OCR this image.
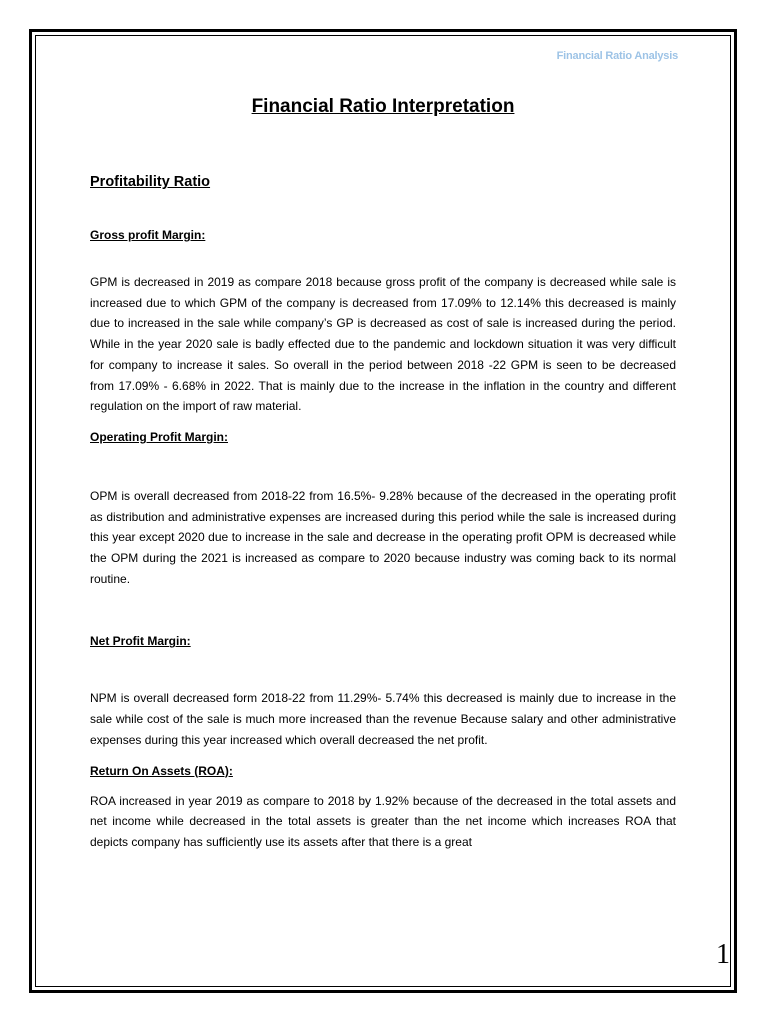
Financial Ratio Analysis
Financial Ratio Interpretation
Profitability Ratio
Gross profit Margin:

GPM is decreased in 2019 as compare 2018 because gross profit of the company is decreased while sale is increased due to which GPM of the company is decreased from 17.09% to 12.14% this decreased is mainly due to increased in the sale while company’s GP is decreased as cost of sale is increased during the period. While in the year 2020 sale is badly effected due to the pandemic and lockdown situation it was very difficult for company to increase it sales. So overall in the period between 2018 -22 GPM is seen to be decreased from 17.09% - 6.68% in 2022. That is mainly due to the increase in the inflation in the country and different regulation on the import of raw material.

Operating Profit Margin:

OPM is overall decreased from 2018-22 from 16.5%- 9.28% because of the decreased in the operating profit as distribution and administrative expenses are increased during this period while the sale is increased during this year except 2020 due to increase in the sale and decrease in the operating profit OPM is decreased while the OPM during the 2021 is increased as compare to 2020 because industry was coming back to its normal routine.

Net Profit Margin:

NPM is overall decreased form 2018-22 from 11.29%- 5.74% this decreased is mainly due to increase in the sale while cost of the sale is much more increased than the revenue Because salary and other administrative expenses during this year increased which overall decreased the net profit.

Return On Assets (ROA):

ROA increased in year 2019 as compare to 2018 by 1.92% because of the decreased in the total assets and net income while decreased in the total assets is greater than the net income which increases ROA that depicts company has sufficiently use its assets after that there is a great

1
